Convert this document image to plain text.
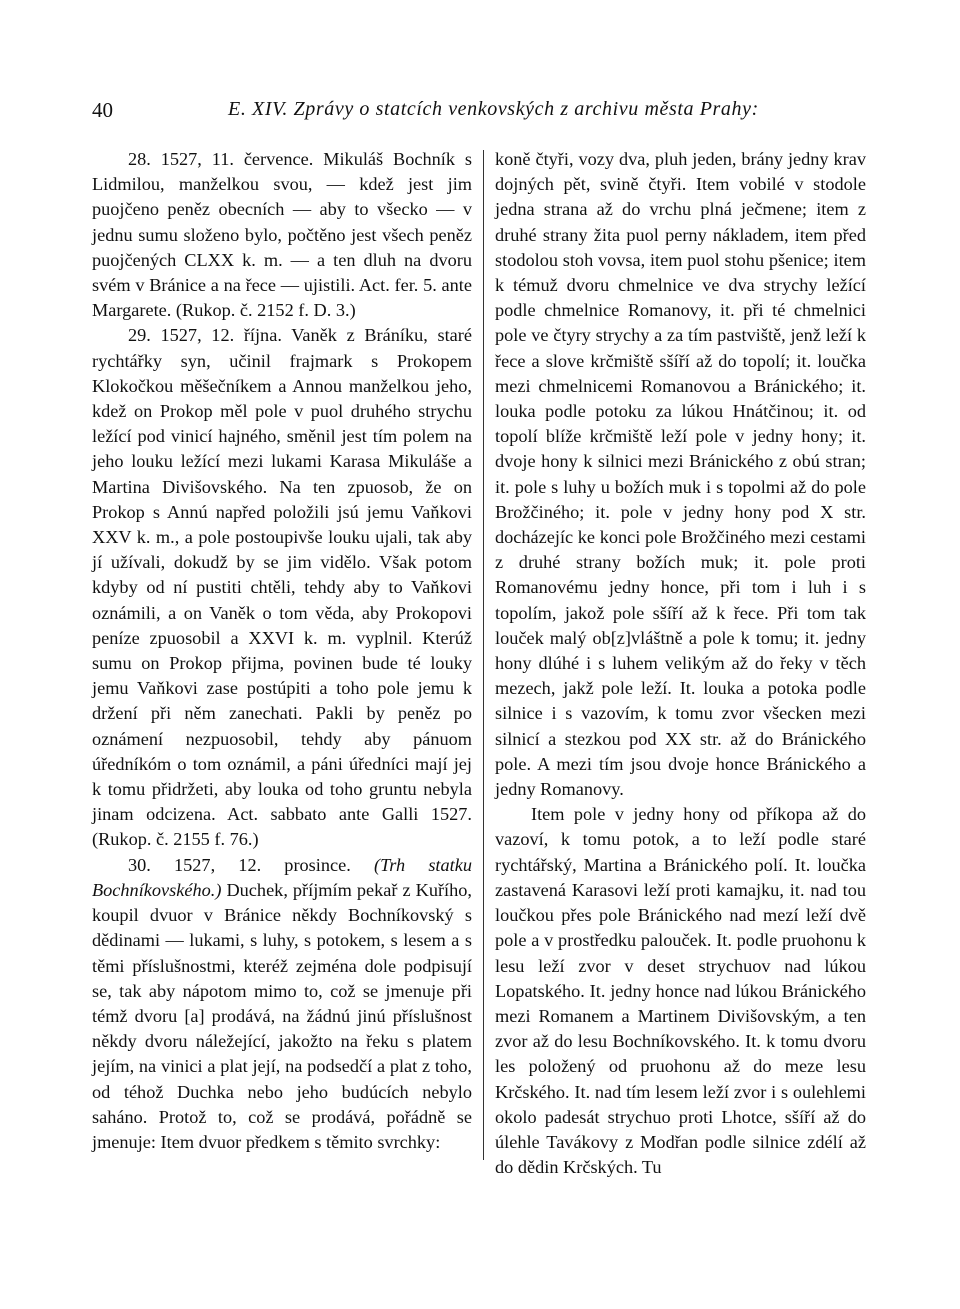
40	E. XIV. Zprávy o statcích venkovských z archivu města Prahy:

28. 1527, 11. července. Mikuláš Bochník s Lidmilou, manželkou svou, — kdež jest jim puojčeno peněz obecních — aby to všecko — v jednu sumu složeno bylo, počtěno jest všech peněz puojčených CLXX k. m. — a ten dluh na dvoru svém v Bránice a na řece — ujistili. Act. fer. 5. ante Margarete. (Rukop. č. 2152 f. D. 3.)

29. 1527, 12. října. Vaněk z Bráníku, staré rychtářky syn, učinil frajmark s Prokopem Klokočkou měšečníkem a Annou manželkou jeho, kdež on Prokop měl pole v puol druhého strychu ležící pod vinicí hajného, směnil jest tím polem na jeho louku ležící mezi lukami Karasa Mikuláše a Martina Divišovského. Na ten zpuosob, že on Prokop s Annú napřed položili jsú jemu Vaňkovi XXV k. m., a pole postoupivše louku ujali, tak aby jí užívali, dokudž by se jim vidělo. Však potom kdyby od ní pustiti chtěli, tehdy aby to Vaňkovi oznámili, a on Vaněk o tom věda, aby Prokopovi peníze zpuosobil a XXVI k. m. vyplnil. Kterúž sumu on Prokop přijma, povinen bude té louky jemu Vaňkovi zase postúpiti a toho pole jemu k držení při něm zanechati. Pakli by peněz po oznámení nezpuosobil, tehdy aby pánuom úředníkóm o tom oznámil, a páni úředníci mají jej k tomu přidržeti, aby louka od toho gruntu nebyla jinam odcizena. Act. sabbato ante Galli 1527. (Rukop. č. 2155 f. 76.)

30. 1527, 12. prosince. (Trh statku Bochníkovského.) Duchek, příjmím pekař z Kuřího, koupil dvuor v Bránice někdy Bochníkovský s dědinami — lukami, s luhy, s potokem, s lesem a s těmi příslušnostmi, kteréž zejména dole podpisují se, tak aby nápotom mimo to, což se jmenuje při témž dvoru [a] prodává, na žádnú jinú příslušnost někdy dvoru náležející, jakožto na řeku s platem jejím, na vinici a plat její, na podsedčí a plat z toho, od téhož Duchka nebo jeho budúcích nebylo saháno. Protož to, což se prodává, pořádně se jmenuje: Item dvuor předkem s těmito svrchky:

koně čtyři, vozy dva, pluh jeden, brány jedny krav dojných pět, svině čtyři. Item vobilé v stodole jedna strana až do vrchu plná ječmene; item z druhé strany žita puol perny nákladem, item před stodolou stoh vovsa, item puol stohu pšenice; item k témuž dvoru chmelnice ve dva strychy ležící podle chmelnice Romanovy, it. při té chmelnici pole ve čtyry strychy a za tím pastviště, jenž leží k řece a slove krčmiště sšíří až do topolí; it. loučka mezi chmelnicemi Romanovou a Bránického; it. louka podle potoku za lúkou Hnátčinou; it. od topolí blíže krčmiště leží pole v jedny hony; it. dvoje hony k silnici mezi Bránického z obú stran; it. pole s luhy u božích muk i s topolmi až do pole Brožčiného; it. pole v jedny hony pod X str. docházejíc ke konci pole Brožčiného mezi cestami z druhé strany božích muk; it. pole proti Romanovému jedny honce, při tom i luh i s topolím, jakož pole sšíří až k řece. Při tom tak louček malý ob[z]vláštně a pole k tomu; it. jedny hony dlúhé i s luhem velikým až do řeky v těch mezech, jakž pole leží. It. louka a potoka podle silnice i s vazovím, k tomu zvor všecken mezi silnicí a stezkou pod XX str. až do Bránického pole. A mezi tím jsou dvoje honce Bránického a jedny Romanovy.

Item pole v jedny hony od příkopa až do vazoví, k tomu potok, a to leží podle staré rychtářský, Martina a Bránického polí. It. loučka zastavená Karasovi leží proti kamajku, it. nad tou loučkou přes pole Bránického nad mezí leží dvě pole a v prostředku palouček. It. podle pruohonu k lesu leží zvor v deset strychuov nad lúkou Lopatského. It. jedny honce nad lúkou Bránického mezi Romanem a Martinem Divišovským, a ten zvor až do lesu Bochníkovského. It. k tomu dvoru les položený od pruohonu až do meze lesu Krčského. It. nad tím lesem leží zvor i s oulehlemi okolo padesát strychuo proti Lhotce, sšíří až do úlehle Tavákovy z Modřan podle silnice zdélí až do dědin Krčských. Tu
